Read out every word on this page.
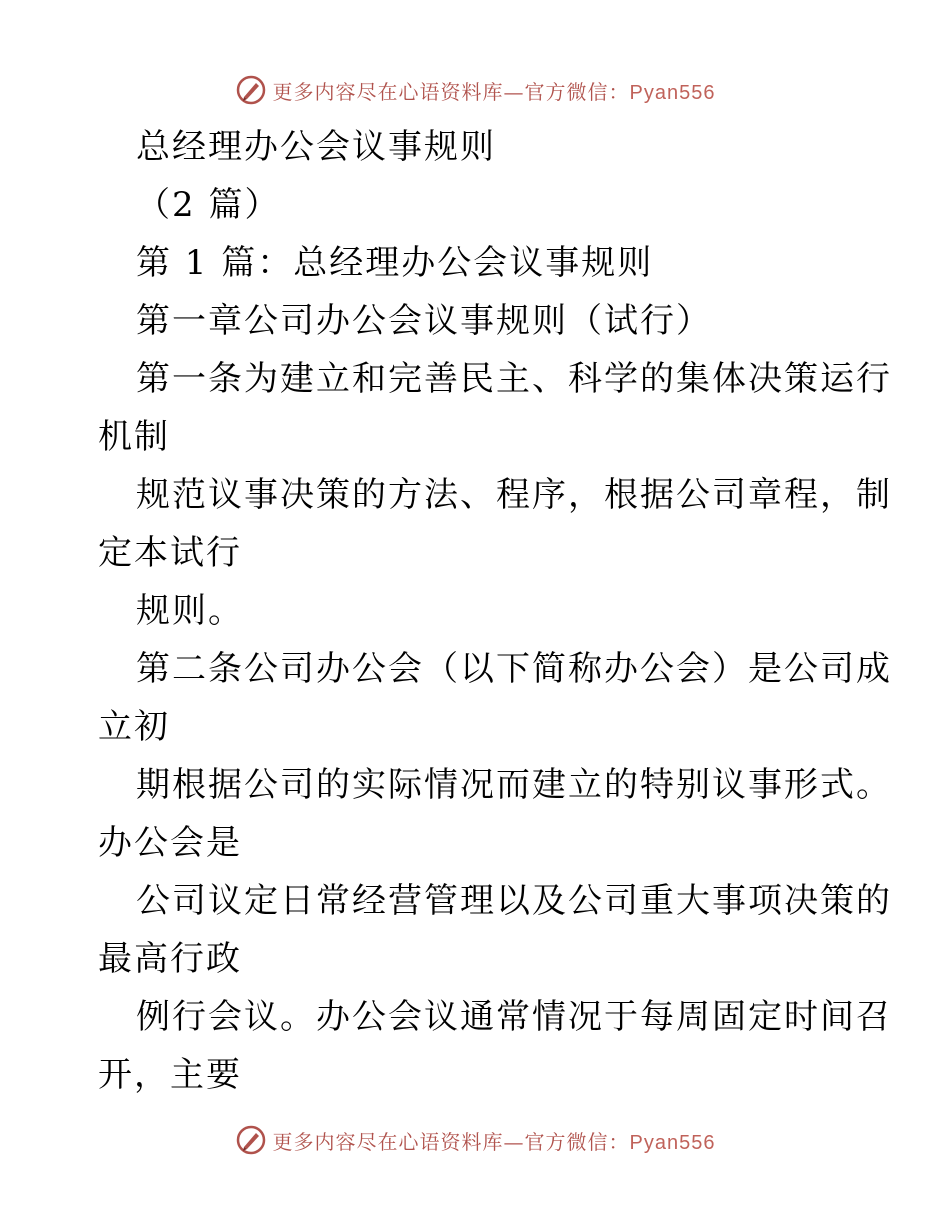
更多内容尽在心语资料库—官方微信：Pyan556
总经理办公会议事规则
（2 篇）
第 1 篇：总经理办公会议事规则
第一章公司办公会议事规则（试行）
第一条为建立和完善民主、科学的集体决策运行
机制
规范议事决策的方法、程序，根据公司章程，制
定本试行
规则。
第二条公司办公会（以下简称办公会）是公司成
立初
期根据公司的实际情况而建立的特别议事形式。
办公会是
公司议定日常经营管理以及公司重大事项决策的
最高行政
例行会议。办公会议通常情况于每周固定时间召
开，主要
更多内容尽在心语资料库—官方微信：Pyan556
